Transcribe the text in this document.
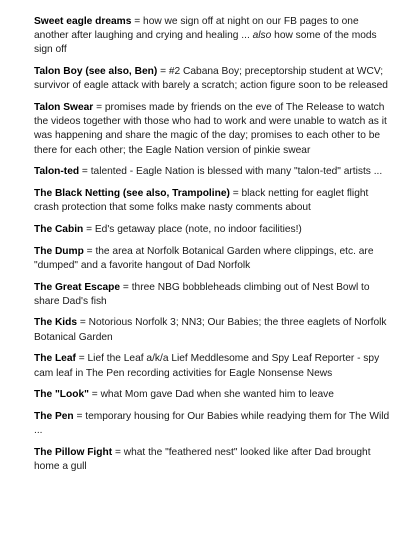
Sweet eagle dreams = how we sign off at night on our FB pages to one another after laughing and crying and healing ... also how some of the mods sign off

Talon Boy (see also, Ben) = #2 Cabana Boy; preceptorship student at WCV; survivor of eagle attack with barely a scratch; action figure soon to be released

Talon Swear = promises made by friends on the eve of The Release to watch the videos together with those who had to work and were unable to watch as it was happening and share the magic of the day; promises to each other to be there for each other; the Eagle Nation version of pinkie swear

Talon-ted = talented - Eagle Nation is blessed with many "talon-ted" artists ...

The Black Netting (see also, Trampoline) = black netting for eaglet flight crash protection that some folks make nasty comments about

The Cabin = Ed's getaway place (note, no indoor facilities!)

The Dump = the area at Norfolk Botanical Garden where clippings, etc. are "dumped" and a favorite hangout of Dad Norfolk

The Great Escape = three NBG bobbleheads climbing out of Nest Bowl to share Dad's fish

The Kids = Notorious Norfolk 3; NN3; Our Babies; the three eaglets of Norfolk Botanical Garden

The Leaf = Lief the Leaf a/k/a Lief Meddlesome and Spy Leaf Reporter - spy cam leaf in The Pen recording activities for Eagle Nonsense News

The "Look" = what Mom gave Dad when she wanted him to leave

The Pen = temporary housing for Our Babies while readying them for The Wild ...

The Pillow Fight = what the "feathered nest" looked like after Dad brought home a gull
